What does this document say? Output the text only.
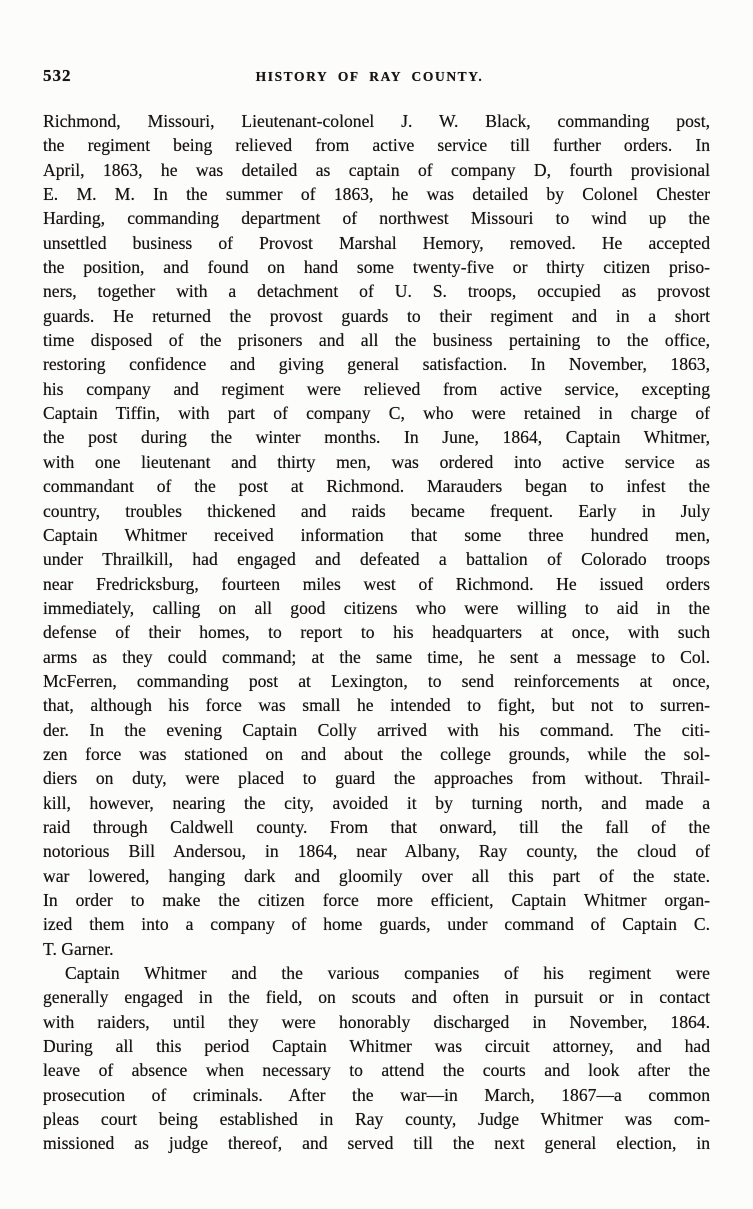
532	HISTORY OF RAY COUNTY.
Richmond, Missouri, Lieutenant-colonel J. W. Black, commanding post,
the regiment being relieved from active service till further orders. In
April, 1863, he was detailed as captain of company D, fourth provisional
E. M. M. In the summer of 1863, he was detailed by Colonel Chester
Harding, commanding department of northwest Missouri to wind up the
unsettled business of Provost Marshal Hemory, removed. He accepted
the position, and found on hand some twenty-five or thirty citizen priso-
ners, together with a detachment of U. S. troops, occupied as provost
guards. He returned the provost guards to their regiment and in a short
time disposed of the prisoners and all the business pertaining to the office,
restoring confidence and giving general satisfaction. In November, 1863,
his company and regiment were relieved from active service, excepting
Captain Tiffin, with part of company C, who were retained in charge of
the post during the winter months. In June, 1864, Captain Whitmer,
with one lieutenant and thirty men, was ordered into active service as
commandant of the post at Richmond. Marauders began to infest the
country, troubles thickened and raids became frequent. Early in July
Captain Whitmer received information that some three hundred men,
under Thrailkill, had engaged and defeated a battalion of Colorado troops
near Fredricksburg, fourteen miles west of Richmond. He issued orders
immediately, calling on all good citizens who were willing to aid in the
defense of their homes, to report to his headquarters at once, with such
arms as they could command; at the same time, he sent a message to Col.
McFerren, commanding post at Lexington, to send reinforcements at once,
that, although his force was small he intended to fight, but not to surren-
der. In the evening Captain Colly arrived with his command. The citi-
zen force was stationed on and about the college grounds, while the sol-
diers on duty, were placed to guard the approaches from without. Thrail-
kill, however, nearing the city, avoided it by turning north, and made a
raid through Caldwell county. From that onward, till the fall of the
notorious Bill Andersou, in 1864, near Albany, Ray county, the cloud of
war lowered, hanging dark and gloomily over all this part of the state.
In order to make the citizen force more efficient, Captain Whitmer organ-
ized them into a company of home guards, under command of Captain C.
T. Garner.
Captain Whitmer and the various companies of his regiment were
generally engaged in the field, on scouts and often in pursuit or in contact
with raiders, until they were honorably discharged in November, 1864.
During all this period Captain Whitmer was circuit attorney, and had
leave of absence when necessary to attend the courts and look after the
prosecution of criminals. After the war—in March, 1867—a common
pleas court being established in Ray county, Judge Whitmer was com-
missioned as judge thereof, and served till the next general election, in
